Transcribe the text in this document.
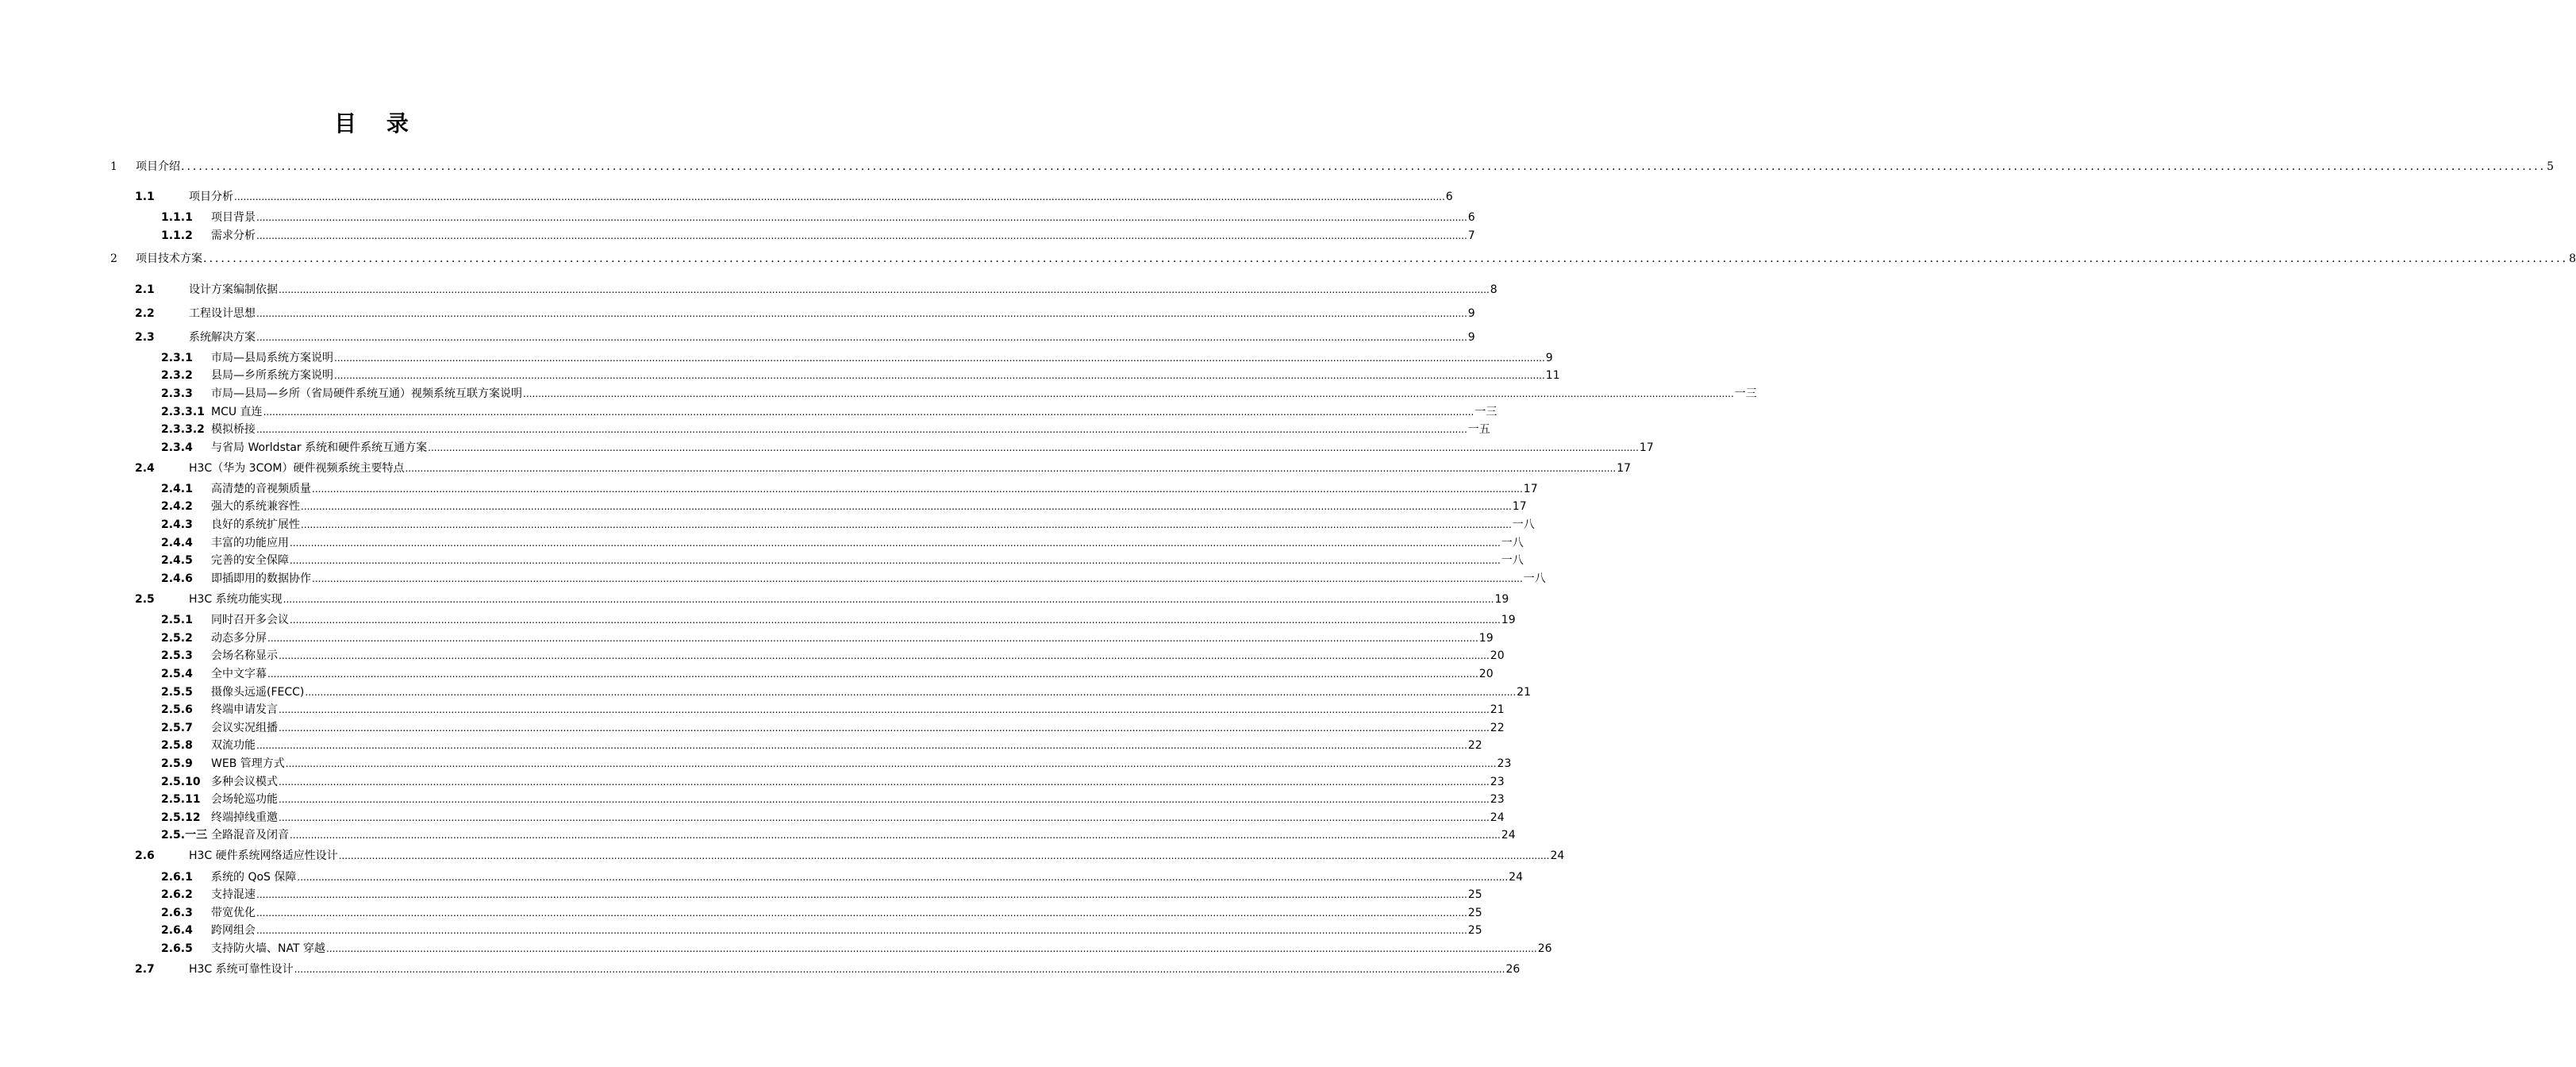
目 录
1	项目介绍 ................................................................................................................................................................................................................................................................................................................................................................................................................ 5
1.1	项目分析 ................................................................................................................................................................................................................................................................................................................................................................................................................ 6
1.1.1	项目背景 ................................................................................................................................................................................................................................................................................................................................................................................................................ 6
1.1.2	需求分析 ................................................................................................................................................................................................................................................................................................................................................................................................................ 7
2	项目技术方案 ................................................................................................................................................................................................................................................................................................................................................................................................................ 8
2.1	设计方案编制依据 ................................................................................................................................................................................................................................................................................................................................................................................................................ 8
2.2	工程设计思想 ................................................................................................................................................................................................................................................................................................................................................................................................................ 9
2.3	系统解决方案 ................................................................................................................................................................................................................................................................................................................................................................................................................ 9
2.3.1	市局—县局系统方案说明 ................................................................................................................................................................................................................................................................................................................................................................................................................ 9
2.3.2	县局—乡所系统方案说明 ................................................................................................................................................................................................................................................................................................................................................................................................................ 11
2.3.3	市局—县局—乡所（省局硬件系统互通）视频系统互联方案说明 ................................................................................................................................................................................................................................................................................................................................................................................................................ 一三
2.3.3.1 MCU 直连 ................................................................................................................................................................................................................................................................................................................................................................................................................ 一三
2.3.3.2 模拟桥接 ................................................................................................................................................................................................................................................................................................................................................................................................................ 一五
2.3.4	与省局 Worldstar 系统和硬件系统互通方案 ................................................................................................................................................................................................................................................................................................................................................................................................................ 17
2.4	H3C（华为 3COM）硬件视频系统主要特点 ................................................................................................................................................................................................................................................................................................................................................................................................................ 17
2.4.1	高清楚的音视频质量 ................................................................................................................................................................................................................................................................................................................................................................................................................ 17
2.4.2	强大的系统兼容性 ................................................................................................................................................................................................................................................................................................................................................................................................................ 17
2.4.3	良好的系统扩展性 ................................................................................................................................................................................................................................................................................................................................................................................................................ 一八
2.4.4	丰富的功能应用 ................................................................................................................................................................................................................................................................................................................................................................................................................ 一八
2.4.5	完善的安全保障 ................................................................................................................................................................................................................................................................................................................................................................................................................ 一八
2.4.6	即插即用的数据协作 ................................................................................................................................................................................................................................................................................................................................................................................................................ 一八
2.5	H3C 系统功能实现 ................................................................................................................................................................................................................................................................................................................................................................................................................ 19
2.5.1	同时召开多会议 ................................................................................................................................................................................................................................................................................................................................................................................................................ 19
2.5.2	动态多分屏 ................................................................................................................................................................................................................................................................................................................................................................................................................ 19
2.5.3	会场名称显示 ................................................................................................................................................................................................................................................................................................................................................................................................................ 20
2.5.4	全中文字幕 ................................................................................................................................................................................................................................................................................................................................................................................................................ 20
2.5.5	摄像头远遥(FECC) ................................................................................................................................................................................................................................................................................................................................................................................................................ 21
2.5.6	终端申请发言 ................................................................................................................................................................................................................................................................................................................................................................................................................ 21
2.5.7	会议实况组播 ................................................................................................................................................................................................................................................................................................................................................................................................................ 22
2.5.8	双流功能 ................................................................................................................................................................................................................................................................................................................................................................................................................ 22
2.5.9	WEB 管理方式 ................................................................................................................................................................................................................................................................................................................................................................................................................ 23
2.5.10 多种会议模式 ................................................................................................................................................................................................................................................................................................................................................................................................................ 23
2.5.11 会场轮巡功能 ................................................................................................................................................................................................................................................................................................................................................................................................................ 23
2.5.12 终端掉线重邀 ................................................................................................................................................................................................................................................................................................................................................................................................................ 24
2.5.一三 全路混音及闭音 ................................................................................................................................................................................................................................................................................................................................................................................................................ 24
2.6	H3C 硬件系统网络适应性设计 ................................................................................................................................................................................................................................................................................................................................................................................................................ 24
2.6.1	系统的 QoS 保障 ................................................................................................................................................................................................................................................................................................................................................................................................................ 24
2.6.2	支持混速 ................................................................................................................................................................................................................................................................................................................................................................................................................ 25
2.6.3	带宽优化 ................................................................................................................................................................................................................................................................................................................................................................................................................ 25
2.6.4	跨网组会 ................................................................................................................................................................................................................................................................................................................................................................................................................ 25
2.6.5	支持防火墙、NAT 穿越 ................................................................................................................................................................................................................................................................................................................................................................................................................ 26
2.7	H3C 系统可靠性设计 ................................................................................................................................................................................................................................................................................................................................................................................................................ 26
